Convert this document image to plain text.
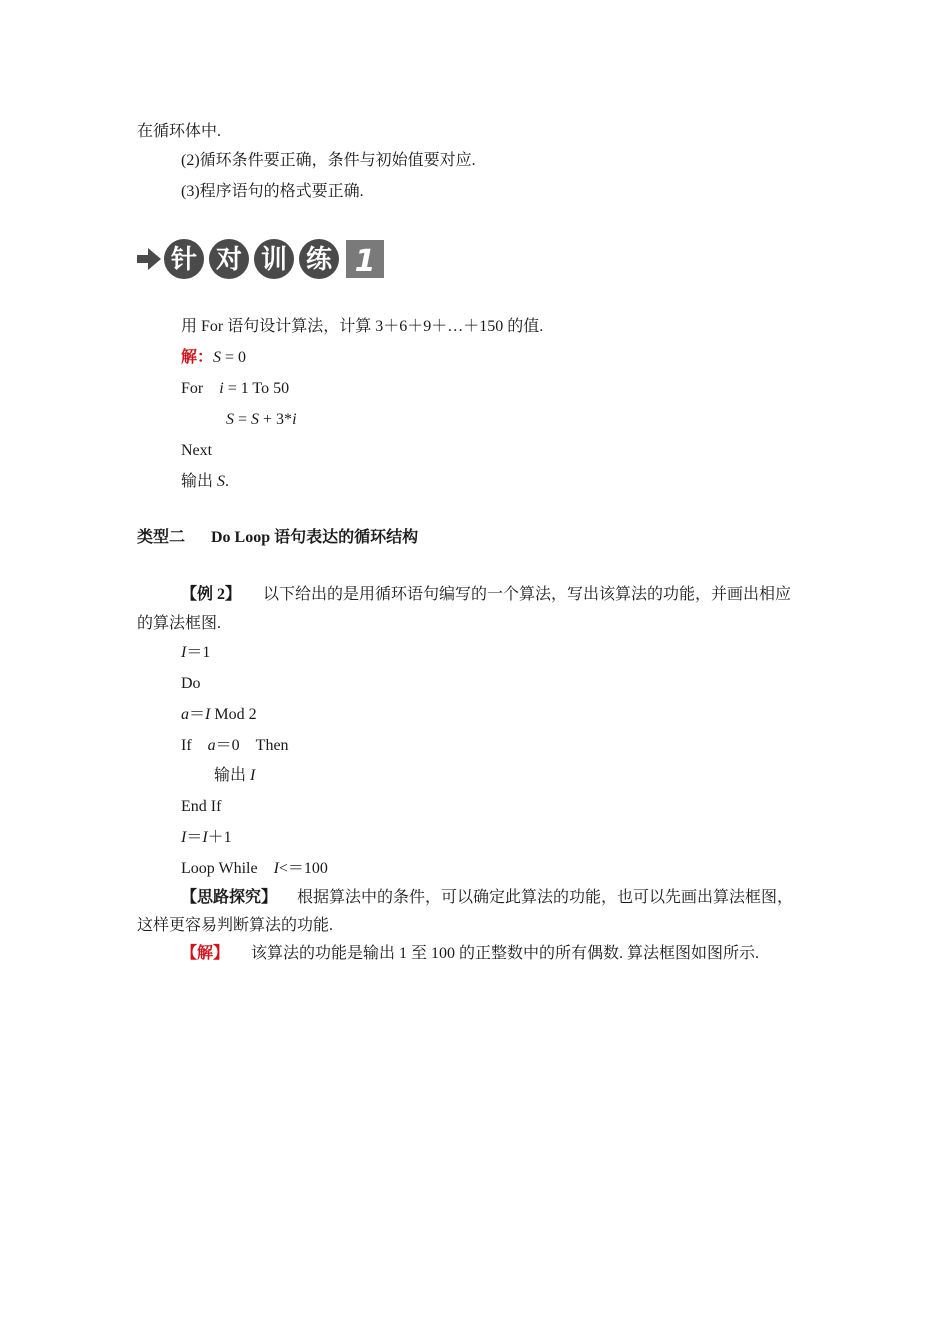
在循环体中.
(2)循环条件要正确，条件与初始值要对应.
(3)程序语句的格式要正确.
针 对 训 练 1
用 For 语句设计算法，计算 3＋6＋9＋…＋150 的值.
解：S = 0
For i = 1 To 50
S = S + 3*i
Next
输出 S.
类型二 Do Loop 语句表达的循环结构
【例 2】 以下给出的是用循环语句编写的一个算法，写出该算法的功能，并画出相应
的算法框图.
I＝1
Do
a＝I Mod 2
If a＝0 Then
输出 I
End If
I＝I＋1
Loop While I<＝100
【思路探究】 根据算法中的条件，可以确定此算法的功能，也可以先画出算法框图，
这样更容易判断算法的功能.
【解】 该算法的功能是输出 1 至 100 的正整数中的所有偶数. 算法框图如图所示.
